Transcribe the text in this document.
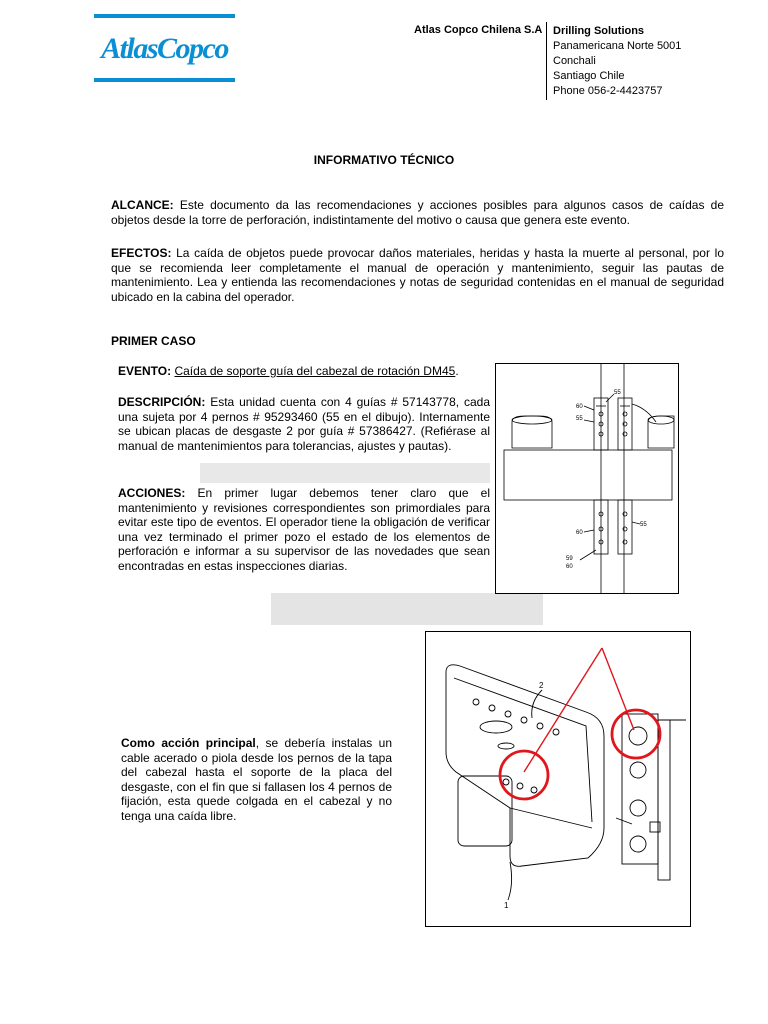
AtlasCopco
Atlas Copco Chilena S.A Drilling Solutions
Panamericana Norte 5001
Conchali
Santiago Chile
Phone 056-2-4423757
INFORMATIVO TÉCNICO
ALCANCE: Este documento da las recomendaciones y acciones posibles para algunos casos de caídas de objetos desde la torre de perforación, indistintamente del motivo o causa que genera este evento.
EFECTOS: La caída de objetos puede provocar daños materiales, heridas y hasta la muerte al personal, por lo que se recomienda leer completamente el manual de operación y mantenimiento, seguir las pautas de mantenimiento. Lea y entienda las recomendaciones y notas de seguridad contenidas en el manual de seguridad ubicado en la cabina del operador.
PRIMER CASO
EVENTO: Caída de soporte guía del cabezal de rotación DM45.
DESCRIPCIÓN: Esta unidad cuenta con 4 guías # 57143778, cada una sujeta por 4 pernos # 95293460 (55 en el dibujo). Internamente se ubican placas de desgaste 2 por guía # 57386427. (Refiérase al manual de mantenimientos para tolerancias, ajustes y pautas).
ACCIONES: En primer lugar debemos tener claro que el mantenimiento y revisiones correspondientes son primordiales para evitar este tipo de eventos. El operador tiene la obligación de verificar una vez terminado el primer pozo el estado de los elementos de perforación e informar a su supervisor de las novedades que sean encontradas en estas inspecciones diarias.
55
60
55
55
60
59
60
2
1
Como acción principal, se debería instalas un cable acerado o piola desde los pernos de la tapa del cabezal hasta el soporte de la placa del desgaste, con el fin que si fallasen los 4 pernos de fijación, esta quede colgada en el cabezal y no tenga una caída libre.
